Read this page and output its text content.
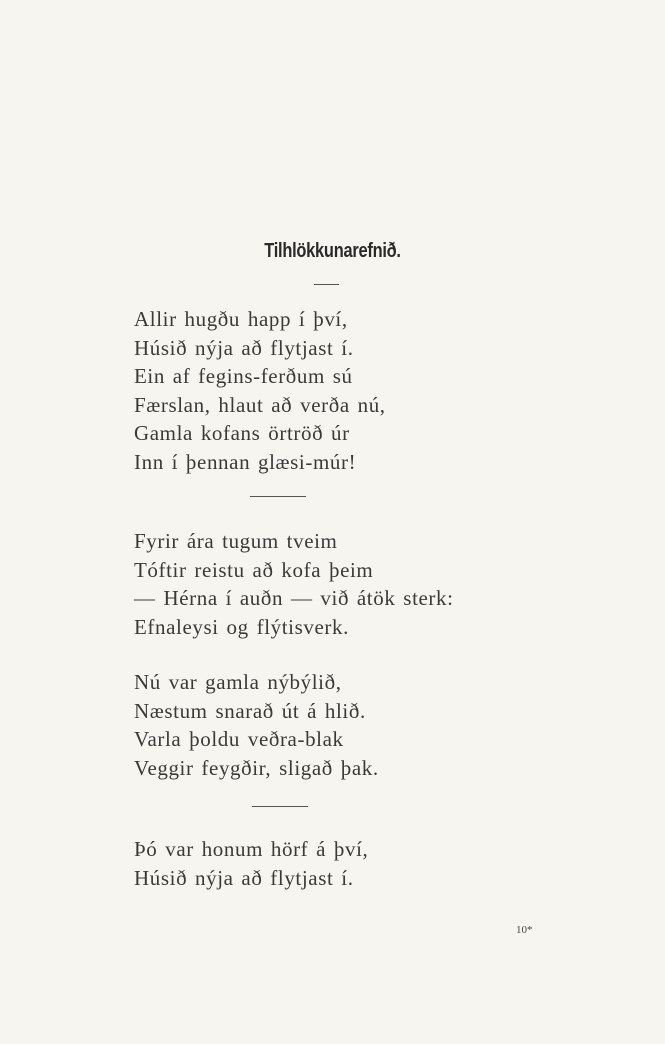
Tilhlökkunarefnið.
Allir hugðu happ í því,
Húsið nýja að flytjast í.
Ein af fegins-ferðum sú
Færslan, hlaut að verða nú,
Gamla kofans örtröð úr
Inn í þennan glæsi-múr!
Fyrir ára tugum tveim
Tóftir reistu að kofa þeim
— Hérna í auðn — við átök sterk:
Efnaleysi og flýtisverk.
Nú var gamla nýbýlið,
Næstum snarað út á hlið.
Varla þoldu veðra-blak
Veggir feygðir, sligað þak.
Þó var honum hörf á því,
Húsið nýja að flytjast í.
10*
